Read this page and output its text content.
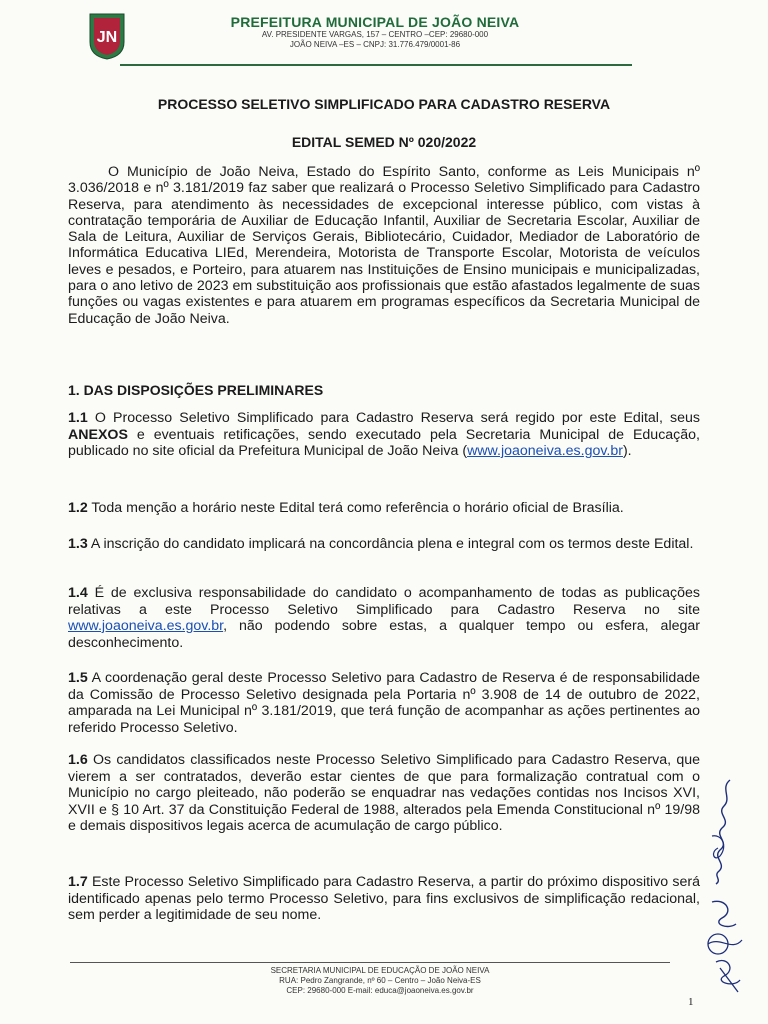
JN
PREFEITURA MUNICIPAL DE JOÃO NEIVA
AV. PRESIDENTE VARGAS, 157 – CENTRO –CEP: 29680-000
JOÃO NEIVA –ES – CNPJ: 31.776.479/0001-86
PROCESSO SELETIVO SIMPLIFICADO PARA CADASTRO RESERVA
EDITAL SEMED Nº 020/2022
O Município de João Neiva, Estado do Espírito Santo, conforme as Leis Municipais nº 3.036/2018 e nº 3.181/2019 faz saber que realizará o Processo Seletivo Simplificado para Cadastro Reserva, para atendimento às necessidades de excepcional interesse público, com vistas à contratação temporária de Auxiliar de Educação Infantil, Auxiliar de Secretaria Escolar, Auxiliar de Sala de Leitura, Auxiliar de Serviços Gerais, Bibliotecário, Cuidador, Mediador de Laboratório de Informática Educativa LIEd, Merendeira, Motorista de Transporte Escolar, Motorista de veículos leves e pesados, e Porteiro, para atuarem nas Instituições de Ensino municipais e municipalizadas, para o ano letivo de 2023 em substituição aos profissionais que estão afastados legalmente de suas funções ou vagas existentes e para atuarem em programas específicos da Secretaria Municipal de Educação de João Neiva.
1. DAS DISPOSIÇÕES PRELIMINARES
1.1 O Processo Seletivo Simplificado para Cadastro Reserva será regido por este Edital, seus ANEXOS e eventuais retificações, sendo executado pela Secretaria Municipal de Educação, publicado no site oficial da Prefeitura Municipal de João Neiva (www.joaoneiva.es.gov.br).
1.2 Toda menção a horário neste Edital terá como referência o horário oficial de Brasília.
1.3 A inscrição do candidato implicará na concordância plena e integral com os termos deste Edital.
1.4 É de exclusiva responsabilidade do candidato o acompanhamento de todas as publicações relativas a este Processo Seletivo Simplificado para Cadastro Reserva no site www.joaoneiva.es.gov.br, não podendo sobre estas, a qualquer tempo ou esfera, alegar desconhecimento.
1.5 A coordenação geral deste Processo Seletivo para Cadastro de Reserva é de responsabilidade da Comissão de Processo Seletivo designada pela Portaria nº 3.908 de 14 de outubro de 2022, amparada na Lei Municipal nº 3.181/2019, que terá função de acompanhar as ações pertinentes ao referido Processo Seletivo.
1.6 Os candidatos classificados neste Processo Seletivo Simplificado para Cadastro Reserva, que vierem a ser contratados, deverão estar cientes de que para formalização contratual com o Município no cargo pleiteado, não poderão se enquadrar nas vedações contidas nos Incisos XVI, XVII e § 10 Art. 37 da Constituição Federal de 1988, alterados pela Emenda Constitucional nº 19/98 e demais dispositivos legais acerca de acumulação de cargo público.
1.7 Este Processo Seletivo Simplificado para Cadastro Reserva, a partir do próximo dispositivo será identificado apenas pelo termo Processo Seletivo, para fins exclusivos de simplificação redacional, sem perder a legitimidade de seu nome.
SECRETARIA MUNICIPAL DE EDUCAÇÃO DE JOÃO NEIVA
RUA: Pedro Zangrande, nº 60 – Centro – João Neiva-ES
CEP: 29680-000 E-mail: educa@joaoneiva.es.gov.br
1
